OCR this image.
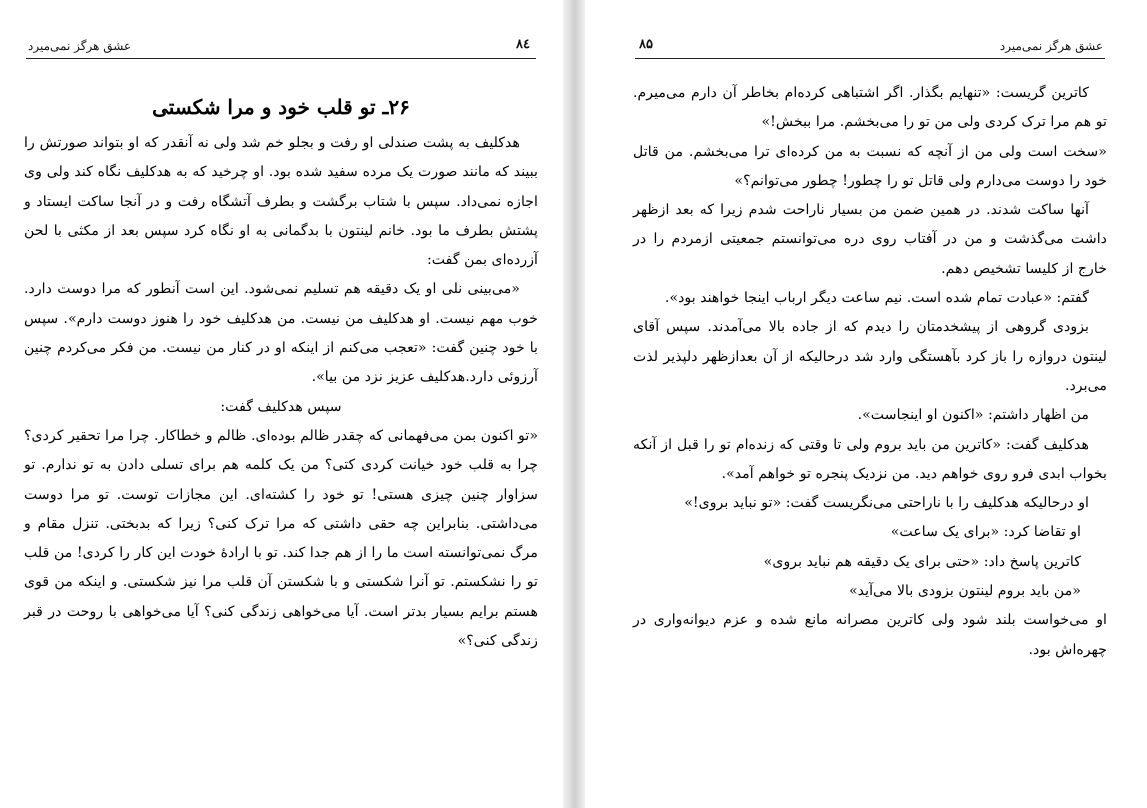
عشق هرگز نمی‌میرد	۸٤
۲۶ـ تو قلب خود و مرا شکستی

هدکلیف به پشت صندلی او رفت و بجلو خم شد ولی نه آنقدر که او بتواند صورتش را ببیند که مانند صورت یک مرده سفید شده بود. او چرخید که به هدکلیف نگاه کند ولی وی اجازه نمی‌داد. سپس با شتاب برگشت و بطرف آتشگاه رفت و در آنجا ساکت ایستاد و پشتش بطرف ما بود. خانم لینتون با بدگمانی به او نگاه کرد سپس بعد از مکثی با لحن آزرده‌ای بمن گفت:

«می‌بینی نلی او یک دقیقه هم تسلیم نمی‌شود. این است آنطور که مرا دوست دارد. خوب مهم نیست. او هدکلیف من نیست. من هدکلیف خود را هنوز دوست دارم». سپس با خود چنین گفت: «تعجب می‌کنم از اینکه او در کنار من نیست. من فکر می‌کردم چنین آرزوئی دارد.هدکلیف عزیز نزد من بیا».

سپس هدکلیف گفت:

«تو اکنون بمن می‌فهمانی که چقدر ظالم بوده‌ای. ظالم و خطاکار. چرا مرا تحقیر کردی؟ چرا به قلب خود خیانت کردی کتی؟ من یک کلمه هم برای تسلی دادن به تو ندارم. تو سزاوار چنین چیزی هستی! تو خود را کشته‌ای. این مجازات توست. تو مرا دوست می‌داشتی. بنابراین چه حقی داشتی که مرا ترک کنی؟ زیرا که بدبختی. تنزل مقام و مرگ نمی‌توانسته است ما را از هم جدا کند. تو با ارادهٔ خودت این کار را کردی! من قلب تو را نشکستم. تو آنرا شکستی و با شکستن آن قلب مرا نیز شکستی. و اینکه من قوی هستم برایم بسیار بدتر است. آیا می‌خواهی زندگی کنی؟ آیا می‌خواهی با روحت در قبر زندگی کنی؟»

عشق هرگز نمی‌میرد
۸۵

کاترین گریست: «تنهایم بگذار. اگر اشتباهی کرده‌ام بخاطر آن دارم می‌میرم. تو هم مرا ترک کردی ولی من تو را می‌بخشم. مرا ببخش!»

«سخت است ولی من از آنچه که نسبت به من کرده‌ای ترا می‌بخشم. من قاتل خود را دوست می‌دارم ولی قاتل تو را چطور! چطور می‌توانم؟»

آنها ساکت شدند. در همین ضمن من بسیار ناراحت شدم زیرا که بعد ازظهر داشت می‌گذشت و من در آفتاب روی دره می‌توانستم جمعیتی ازمردم را در خارج از کلیسا تشخیص دهم.

گفتم: «عبادت تمام شده است. نیم ساعت دیگر ارباب اینجا خواهند بود».

بزودی گروهی از پیشخدمتان را دیدم که از جاده بالا می‌آمدند. سپس آقای لینتون دروازه را باز کرد بآهستگی وارد شد درحالیکه از آن بعدازظهر دلپذیر لذت می‌برد.

من اظهار داشتم: «اکنون او اینجاست».

هدکلیف گفت: «کاترین من باید بروم ولی تا وقتی که زنده‌ام تو را قبل از آنکه بخواب ابدی فرو روی خواهم دید. من نزدیک پنجره تو خواهم آمد».

او درحالیکه هدکلیف را با ناراحتی می‌نگریست گفت: «تو نباید بروی!»

او تقاضا کرد: «برای یک ساعت»

کاترین پاسخ داد: «حتی برای یک دقیقه هم نباید بروی»

«من باید بروم لینتون بزودی بالا می‌آید»

او می‌خواست بلند شود ولی کاترین مصرانه مانع شده و عزم دیوانه‌واری در چهره‌اش بود.
